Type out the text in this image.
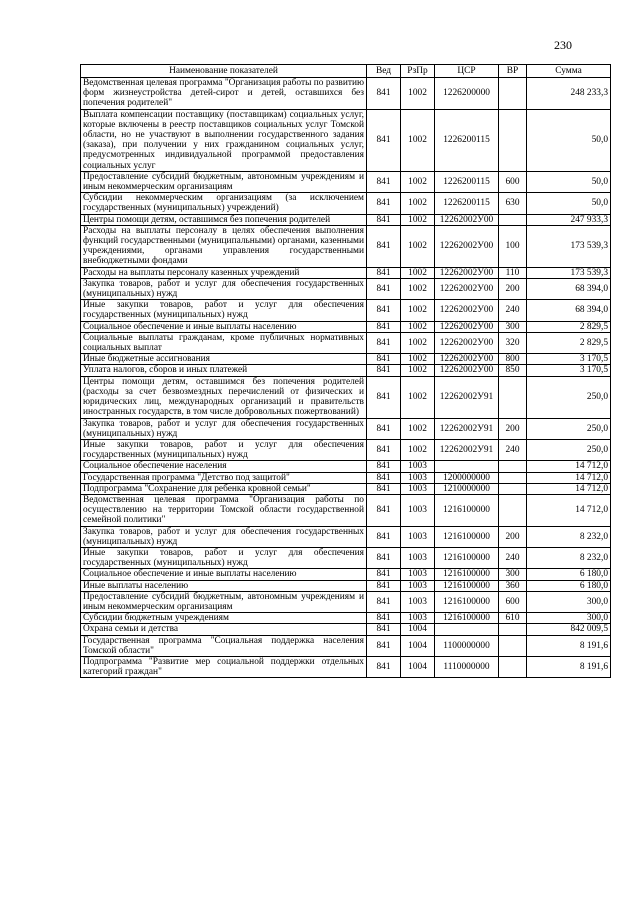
230
Наименование показателей	Вед	РзПр	ЦСР	ВР	Сумма
Ведомственная целевая программа "Организация работы по развитию форм жизнеустройства детей-сирот и детей, оставшихся без попечения родителей"	841	1002	1226200000		248 233,3
Выплата компенсации поставщику (поставщикам) социальных услуг, которые включены в реестр поставщиков социальных услуг Томской области, но не участвуют в выполнении государственного задания (заказа), при получении у них гражданином социальных услуг, предусмотренных индивидуальной программой предоставления социальных услуг	841	1002	1226200115		50,0
Предоставление субсидий бюджетным, автономным учреждениям и иным некоммерческим организациям	841	1002	1226200115	600	50,0
Субсидии некоммерческим организациям (за исключением государственных (муниципальных) учреждений)	841	1002	1226200115	630	50,0
Центры помощи детям, оставшимся без попечения родителей	841	1002	12262002У00		247 933,3
Расходы на выплаты персоналу в целях обеспечения выполнения функций государственными (муниципальными) органами, казенными учреждениями, органами управления государственными внебюджетными фондами	841	1002	12262002У00	100	173 539,3
Расходы на выплаты персоналу казенных учреждений	841	1002	12262002У00	110	173 539,3
Закупка товаров, работ и услуг для обеспечения государственных (муниципальных) нужд	841	1002	12262002У00	200	68 394,0
Иные закупки товаров, работ и услуг для обеспечения государственных (муниципальных) нужд	841	1002	12262002У00	240	68 394,0
Социальное обеспечение и иные выплаты населению	841	1002	12262002У00	300	2 829,5
Социальные выплаты гражданам, кроме публичных нормативных социальных выплат	841	1002	12262002У00	320	2 829,5
Иные бюджетные ассигнования	841	1002	12262002У00	800	3 170,5
Уплата налогов, сборов и иных платежей	841	1002	12262002У00	850	3 170,5
Центры помощи детям, оставшимся без попечения родителей (расходы за счет безвозмездных перечислений от физических и юридических лиц, международных организаций и правительств иностранных государств, в том числе добровольных пожертвований)	841	1002	12262002У91		250,0
Закупка товаров, работ и услуг для обеспечения государственных (муниципальных) нужд	841	1002	12262002У91	200	250,0
Иные закупки товаров, работ и услуг для обеспечения государственных (муниципальных) нужд	841	1002	12262002У91	240	250,0
Социальное обеспечение населения	841	1003			14 712,0
Государственная программа "Детство под защитой"	841	1003	1200000000		14 712,0
Подпрограмма "Сохранение для ребенка кровной семьи"	841	1003	1210000000		14 712,0
Ведомственная целевая программа "Организация работы по осуществлению на территории Томской области государственной семейной политики"	841	1003	1216100000		14 712,0
Закупка товаров, работ и услуг для обеспечения государственных (муниципальных) нужд	841	1003	1216100000	200	8 232,0
Иные закупки товаров, работ и услуг для обеспечения государственных (муниципальных) нужд	841	1003	1216100000	240	8 232,0
Социальное обеспечение и иные выплаты населению	841	1003	1216100000	300	6 180,0
Иные выплаты населению	841	1003	1216100000	360	6 180,0
Предоставление субсидий бюджетным, автономным учреждениям и иным некоммерческим организациям	841	1003	1216100000	600	300,0
Субсидии бюджетным учреждениям	841	1003	1216100000	610	300,0
Охрана семьи и детства	841	1004			842 009,5
Государственная программа "Социальная поддержка населения Томской области"	841	1004	1100000000		8 191,6
Подпрограмма "Развитие мер социальной поддержки отдельных категорий граждан"	841	1004	1110000000		8 191,6
